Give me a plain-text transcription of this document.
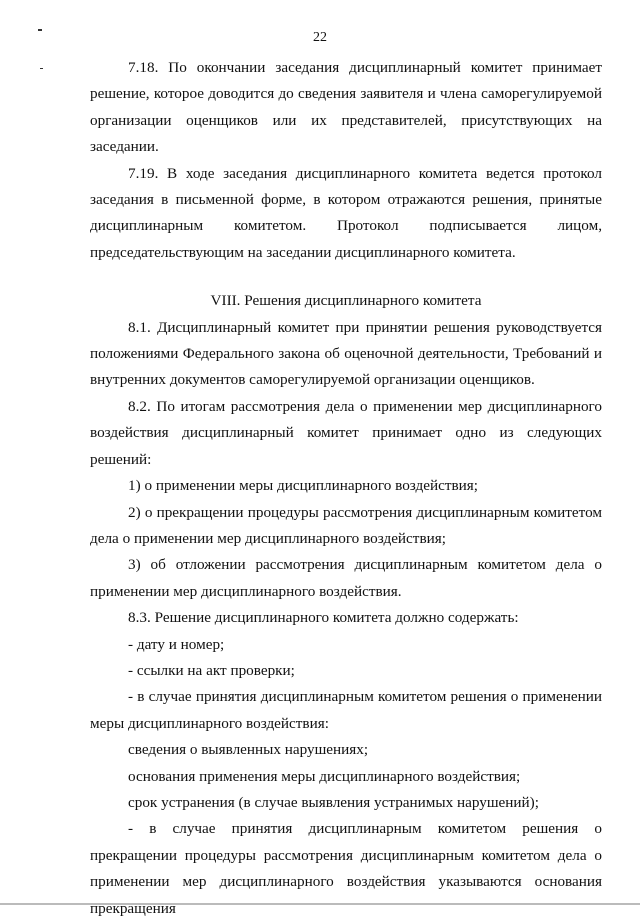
22

7.18. По окончании заседания дисциплинарный комитет принимает решение, которое доводится до сведения заявителя и члена саморегулируемой организации оценщиков или их представителей, присутствующих на заседании.

7.19. В ходе заседания дисциплинарного комитета ведется протокол заседания в письменной форме, в котором отражаются решения, принятые дисциплинарным комитетом. Протокол подписывается лицом, председательствующим на заседании дисциплинарного комитета.

VIII. Решения дисциплинарного комитета

8.1. Дисциплинарный комитет при принятии решения руководствуется положениями Федерального закона об оценочной деятельности, Требований и внутренних документов саморегулируемой организации оценщиков.

8.2. По итогам рассмотрения дела о применении мер дисциплинарного воздействия дисциплинарный комитет принимает одно из следующих решений:

1) о применении меры дисциплинарного воздействия;

2) о прекращении процедуры рассмотрения дисциплинарным комитетом дела о применении мер дисциплинарного воздействия;

3) об отложении рассмотрения дисциплинарным комитетом дела о применении мер дисциплинарного воздействия.

8.3. Решение дисциплинарного комитета должно содержать:

- дату и номер;

- ссылки на акт проверки;

- в случае принятия дисциплинарным комитетом решения о применении меры дисциплинарного воздействия:

сведения о выявленных нарушениях;

основания применения меры дисциплинарного воздействия;

срок устранения (в случае выявления устранимых нарушений);

- в случае принятия дисциплинарным комитетом решения о прекращении процедуры рассмотрения дисциплинарным комитетом дела о применении мер дисциплинарного воздействия указываются основания прекращения
